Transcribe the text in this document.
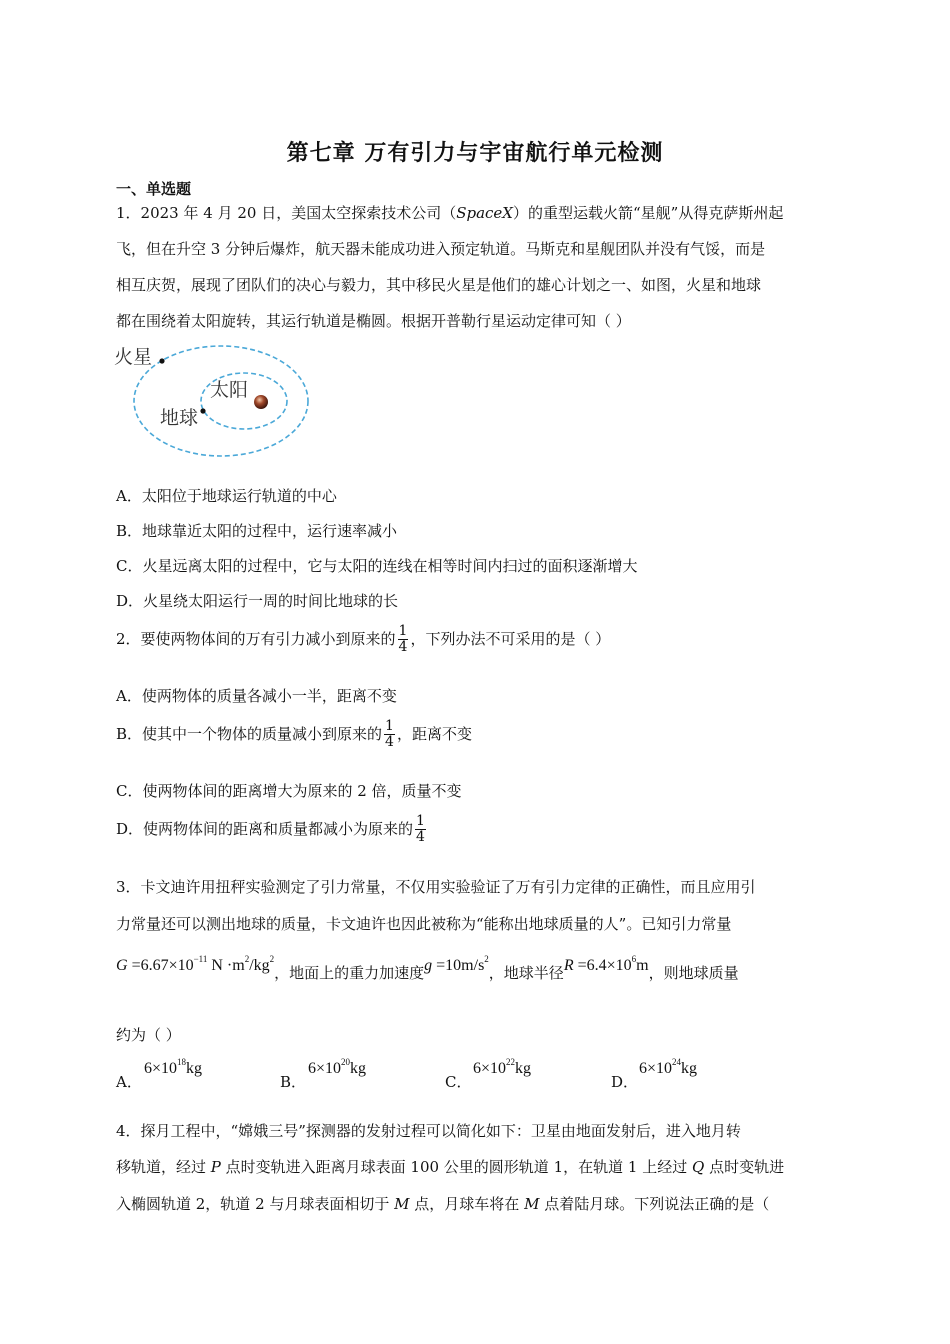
第七章 万有引力与宇宙航行单元检测
一、单选题
1．2023 年 4 月 20 日，美国太空探索技术公司（SpaceX）的重型运载火箭“星舰”从得克萨斯州起
飞，但在升空 3 分钟后爆炸，航天器未能成功进入预定轨道。马斯克和星舰团队并没有气馁，而是
相互庆贺，展现了团队们的决心与毅力，其中移民火星是他们的雄心计划之一、如图，火星和地球
都在围绕着太阳旋转，其运行轨道是椭圆。根据开普勒行星运动定律可知（ ）
火星
太阳
地球
A．太阳位于地球运行轨道的中心
B．地球靠近太阳的过程中，运行速率减小
C．火星远离太阳的过程中，它与太阳的连线在相等时间内扫过的面积逐渐增大
D．火星绕太阳运行一周的时间比地球的长
2．要使两物体间的万有引力减小到原来的 $\frac{1}{4}$ ，下列办法不可采用的是（ ）
A．使两物体的质量各减小一半，距离不变
B．使其中一个物体的质量减小到原来的 $\frac{1}{4}$ ，距离不变
C．使两物体间的距离增大为原来的 2 倍，质量不变
D．使两物体间的距离和质量都减小为原来的 $\frac{1}{4}$
3．卡文迪许用扭秤实验测定了引力常量，不仅用实验验证了万有引力定律的正确性，而且应用引
力常量还可以测出地球的质量，卡文迪许也因此被称为“能称出地球质量的人”。已知引力常量
$G =6.67\times 10^{-11}$ $N \cdot m^2/kg^2$，地面上的重力加速度$g =10m/s^2$，地球半径$R =6.4\times 10^6m$，则地球质量
约为（ ）
A．
$6\times 10^{18}kg$
B．
$6\times 10^{20}kg$
C．
$6\times 10^{22}kg$
D．
$6\times 10^{24}kg$
4．探月工程中，“嫦娥三号”探测器的发射过程可以简化如下：卫星由地面发射后，进入地月转
移轨道，经过 P 点时变轨进入距离月球表面 100 公里的圆形轨道 1，在轨道 1 上经过 Q 点时变轨进
入椭圆轨道 2，轨道 2 与月球表面相切于 M 点，月球车将在 M 点着陆月球。下列说法正确的是（
